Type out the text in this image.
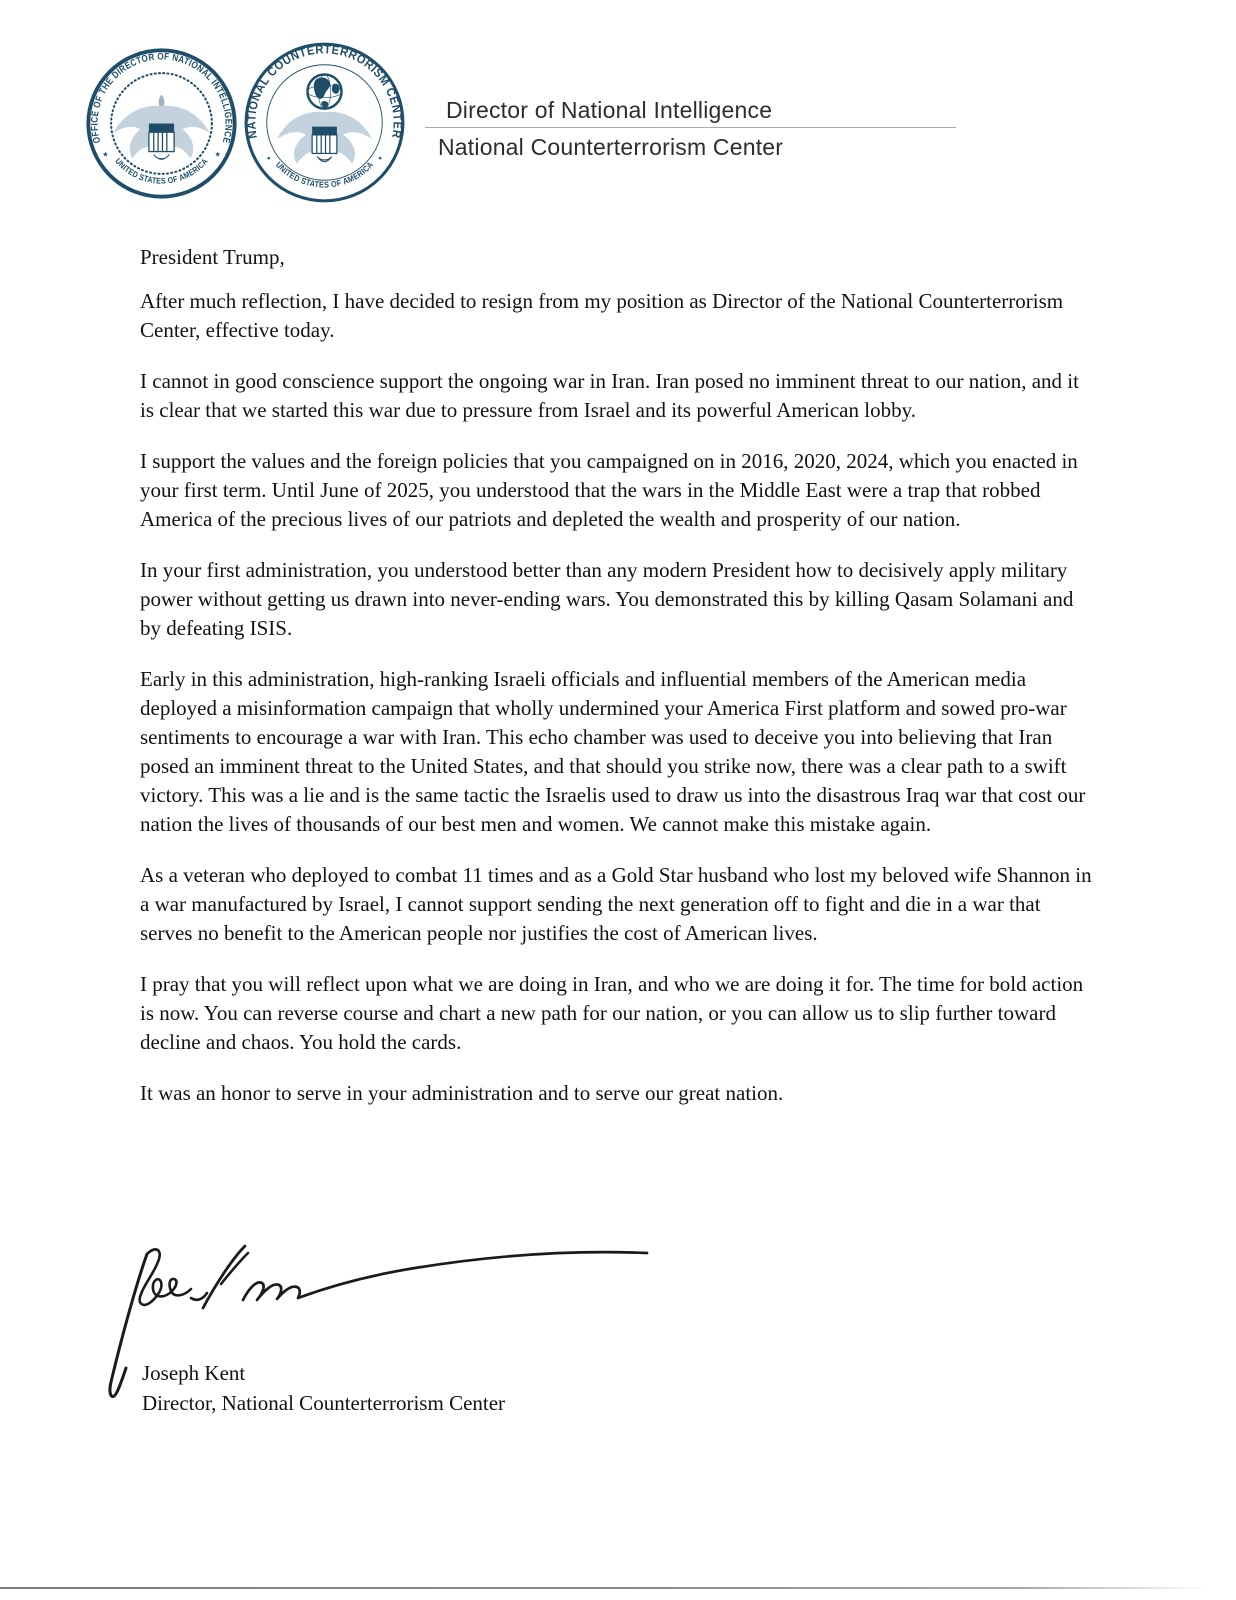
OFFICE OF THE DIRECTOR OF NATIONAL INTELLIGENCE
UNITED STATES OF AMERICA
★	★
NATIONAL COUNTERTERRORISM CENTER
UNITED STATES OF AMERICA
✦	✦
Director of National Intelligence
National Counterterrorism Center

President Trump,

After much reflection, I have decided to resign from my position as Director of the National Counterterrorism Center, effective today.

I cannot in good conscience support the ongoing war in Iran. Iran posed no imminent threat to our nation, and it is clear that we started this war due to pressure from Israel and its powerful American lobby.

I support the values and the foreign policies that you campaigned on in 2016, 2020, 2024, which you enacted in your first term. Until June of 2025, you understood that the wars in the Middle East were a trap that robbed America of the precious lives of our patriots and depleted the wealth and prosperity of our nation.

In your first administration, you understood better than any modern President how to decisively apply military power without getting us drawn into never-ending wars. You demonstrated this by killing Qasam Solamani and by defeating ISIS.

Early in this administration, high-ranking Israeli officials and influential members of the American media deployed a misinformation campaign that wholly undermined your America First platform and sowed pro-war sentiments to encourage a war with Iran. This echo chamber was used to deceive you into believing that Iran posed an imminent threat to the United States, and that should you strike now, there was a clear path to a swift victory. This was a lie and is the same tactic the Israelis used to draw us into the disastrous Iraq war that cost our nation the lives of thousands of our best men and women. We cannot make this mistake again.

As a veteran who deployed to combat 11 times and as a Gold Star husband who lost my beloved wife Shannon in a war manufactured by Israel, I cannot support sending the next generation off to fight and die in a war that serves no benefit to the American people nor justifies the cost of American lives.

I pray that you will reflect upon what we are doing in Iran, and who we are doing it for. The time for bold action is now. You can reverse course and chart a new path for our nation, or you can allow us to slip further toward decline and chaos. You hold the cards.

It was an honor to serve in your administration and to serve our great nation.

Joseph Kent
Director, National Counterterrorism Center
